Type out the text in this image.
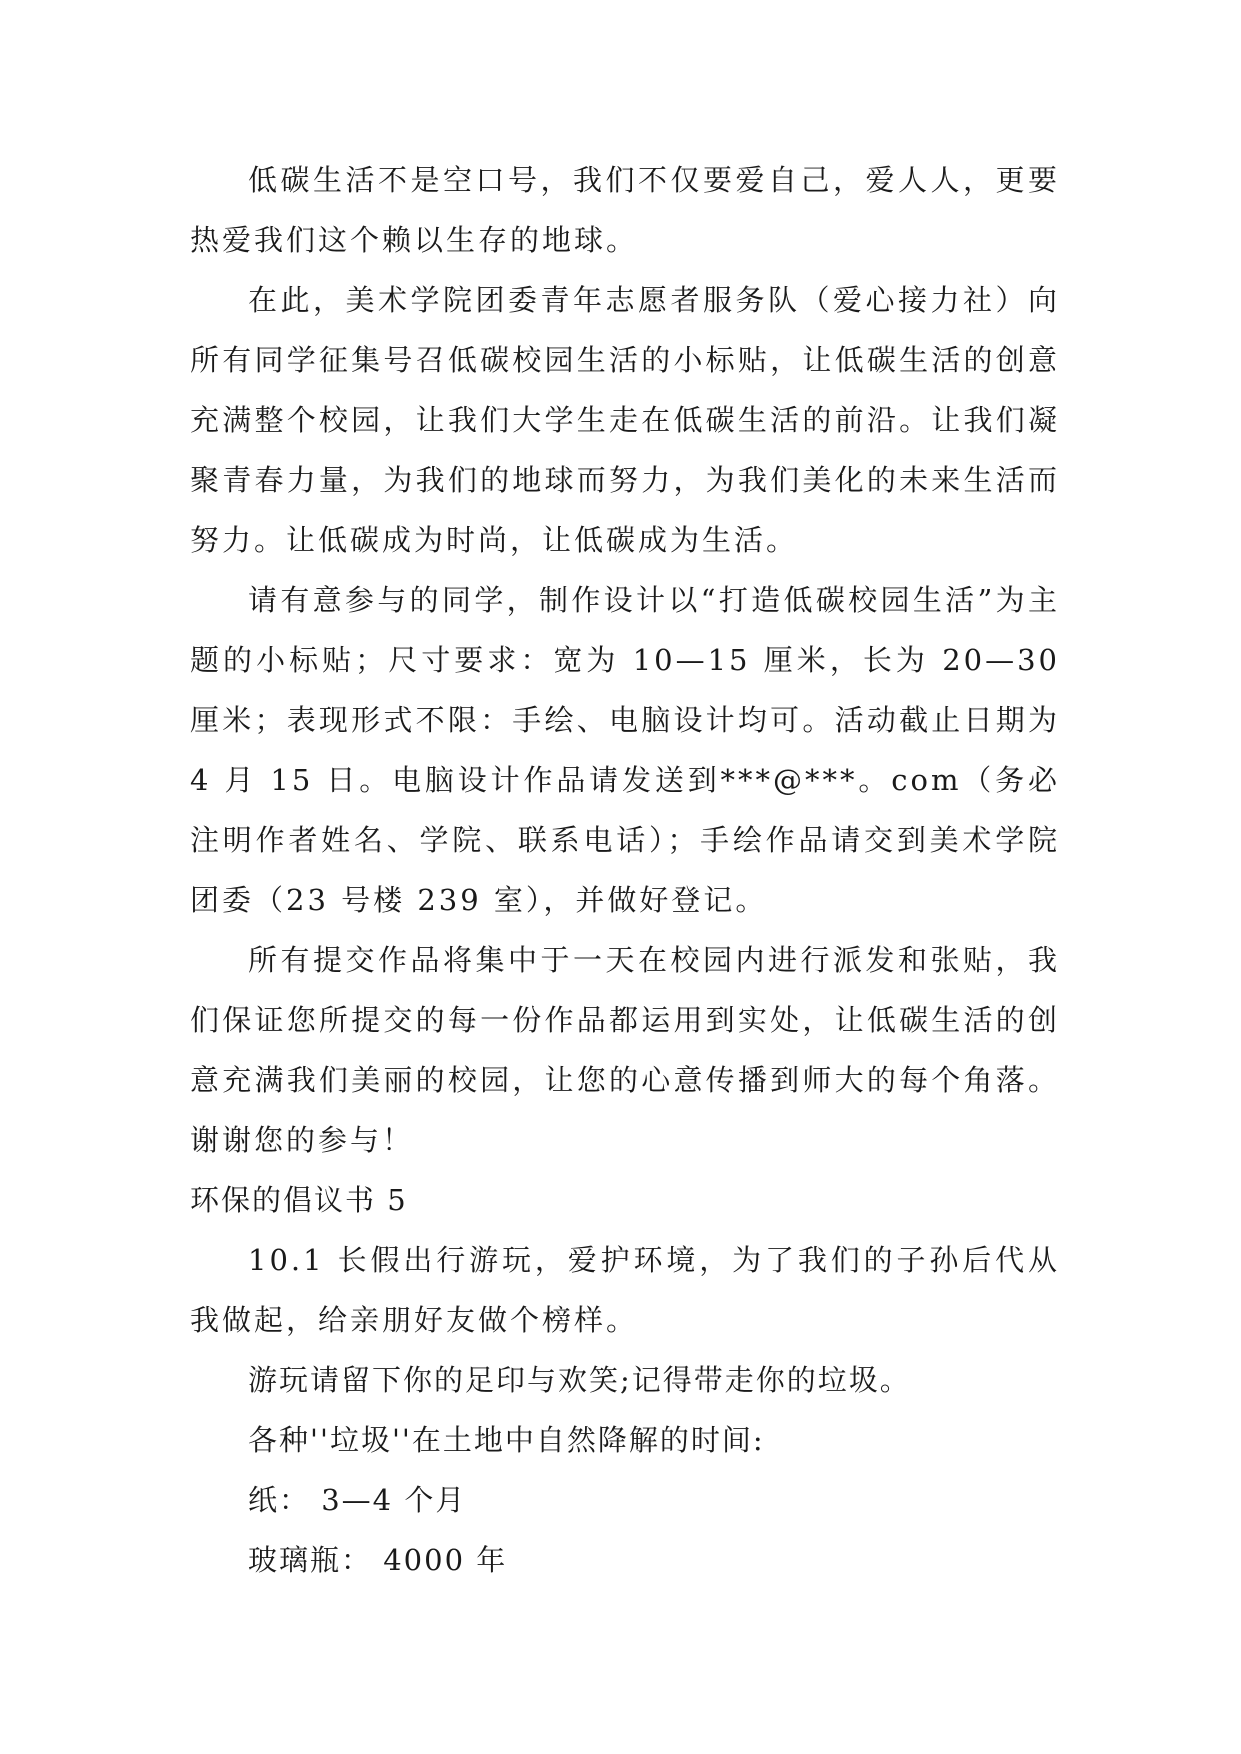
低碳生活不是空口号，我们不仅要爱自己，爱人人，更要热爱我们这个赖以生存的地球。

在此，美术学院团委青年志愿者服务队（爱心接力社）向所有同学征集号召低碳校园生活的小标贴，让低碳生活的创意充满整个校园，让我们大学生走在低碳生活的前沿。让我们凝聚青春力量，为我们的地球而努力，为我们美化的未来生活而努力。让低碳成为时尚，让低碳成为生活。

请有意参与的同学，制作设计以“打造低碳校园生活”为主题的小标贴；尺寸要求：宽为 10—15 厘米，长为 20—30 厘米；表现形式不限：手绘、电脑设计均可。活动截止日期为 4 月 15 日。电脑设计作品请发送到***@***。com（务必注明作者姓名、学院、联系电话）；手绘作品请交到美术学院团委（23 号楼 239 室），并做好登记。

所有提交作品将集中于一天在校园内进行派发和张贴，我们保证您所提交的每一份作品都运用到实处，让低碳生活的创意充满我们美丽的校园，让您的心意传播到师大的每个角落。谢谢您的参与！

环保的倡议书 5

10.1 长假出行游玩，爱护环境，为了我们的子孙后代从我做起，给亲朋好友做个榜样。

游玩请留下你的足印与欢笑;记得带走你的垃圾。

各种''垃圾''在土地中自然降解的时间:

纸： 3—4 个月

玻璃瓶： 4000 年
